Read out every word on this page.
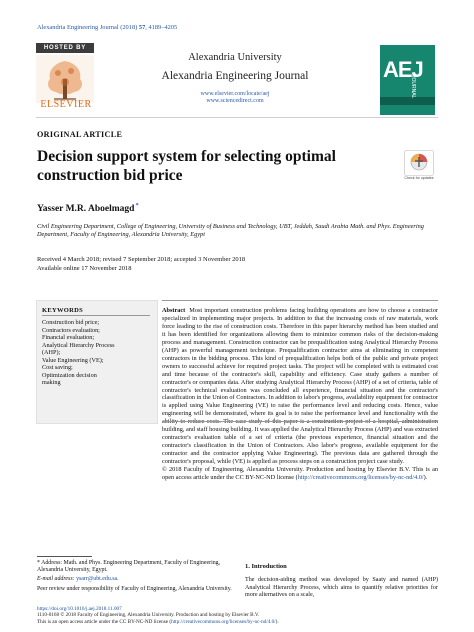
Alexandria Engineering Journal (2018) 57, 4189–4205
HOSTED BY
ELSEVIER
Alexandria University
Alexandria Engineering Journal
www.elsevier.com/locate/aej
www.sciencedirect.com
AEJ
JOURNAL
ORIGINAL ARTICLE
Decision support system for selecting optimal construction bid price	Check for updates
Yasser M.R. Aboelmagd*
Civil Engineering Department, College of Engineering, University of Business and Technology, UBT, Jeddah, Saudi Arabia Math. and Phys. Engineering Department, Faculty of Engineering, Alexandria University, Egypt
Received 4 March 2018; revised 7 September 2018; accepted 3 November 2018
Available online 17 November 2018
KEYWORDS
Construction bid price;
Contractors evaluation;
Financial evaluation;
Analytical Hierarchy Process
(AHP);
Value Engineering (VE);
Cost saving;
Optimization decision
making
Abstract Most important construction problems facing building operations are how to choose a contractor specialized in implementing major projects. In addition to that the increasing costs of raw materials, work force leading to the rise of construction costs. Therefore in this paper hierarchy method has been studied and it has been identified for organizations allowing them to minimize common risks of the decision-making process and management. Construction contractor can be prequalification using Analytical Hierarchy Process (AHP) as powerful management technique. Prequalification contractor aims at eliminating in competent contractors in the bidding process. This kind of prequalification helps both of the public and private project owners to successful achieve for required project tasks. The project will be completed with is estimated cost and time because of the contractor's skill, capability and efficiency. Case study gathers a number of contractor's or companies data. After studying Analytical Hierarchy Process (AHP) of a set of criteria, table of contractor's technical evaluation was concluded all experience, financial situation and the contractor's classification in the Union of Contractors. In addition to labor's progress, availability equipment for contractor is applied using Value Engineering (VE) to raise the performance level and reducing costs. Hence, value engineering will be demonstrated, where its goal is to raise the performance level and functionality with the ability to reduce costs. The case study of this paper is a construction project of a hospital, administration building, and staff housing building. It was applied the Analytical Hierarchy Process (AHP) and was extracted contractor's evaluation table of a set of criteria (the previous experience, financial situation and the contractor's classification in the Union of Contractors. Also labor's progress, available equipment for the contractor and the contractor applying Value Engineering). The previous data are gathered through the contractor's proposal, while (VE) is applied as process steps on a construction project case study.
© 2018 Faculty of Engineering, Alexandria University. Production and hosting by Elsevier B.V. This is an open access article under the CC BY-NC-ND license (http://creativecommons.org/licenses/by-nc-nd/4.0/).

* Address: Math. and Phys. Engineering Department, Faculty of Engineering, Alexandria University, Egypt.

E-mail address: ysarr@ubt.edu.sa.

Peer review under responsibility of Faculty of Engineering, Alexandria University.

1. Introduction
The decision-aiding method was developed by Saaty and named (AHP) Analytical Hierarchy Process, which aims to quantify relative priorities for more alternatives on a scale,
https://doi.org/10.1016/j.aej.2018.11.007
1110-0168 © 2018 Faculty of Engineering, Alexandria University. Production and hosting by Elsevier B.V.
This is an open access article under the CC BY-NC-ND license (http://creativecommons.org/licenses/by-nc-nd/4.0/).
